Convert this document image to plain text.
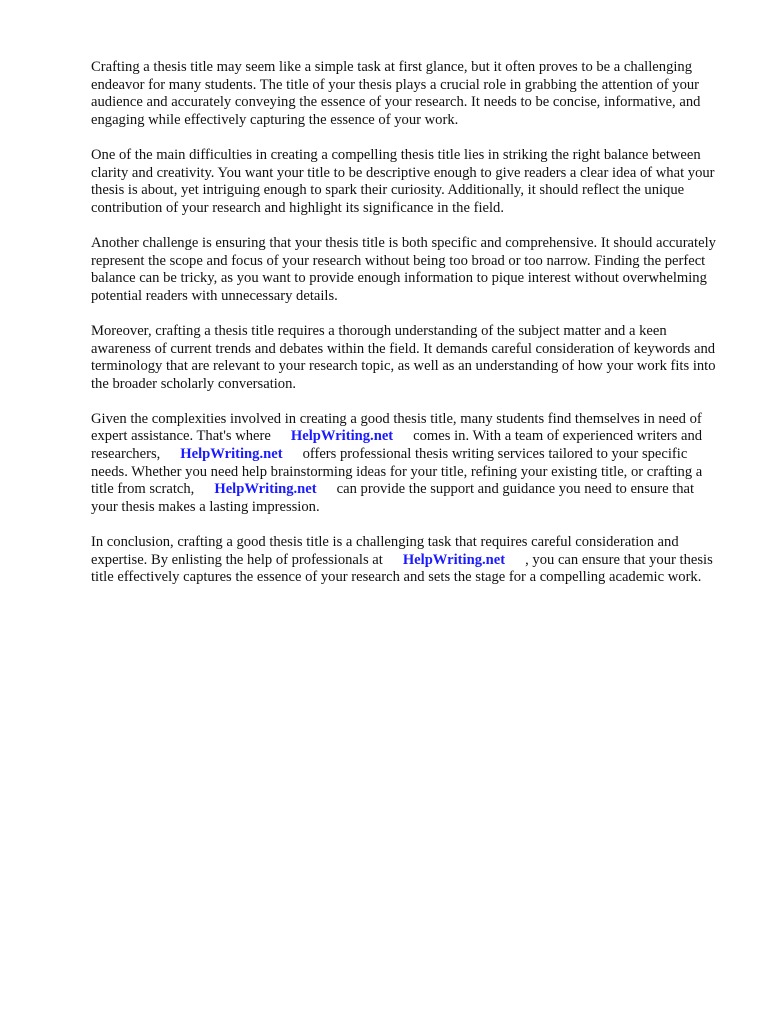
Crafting a thesis title may seem like a simple task at first glance, but it often proves to be a challenging endeavor for many students. The title of your thesis plays a crucial role in grabbing the attention of your audience and accurately conveying the essence of your research. It needs to be concise, informative, and engaging while effectively capturing the essence of your work.

One of the main difficulties in creating a compelling thesis title lies in striking the right balance between clarity and creativity. You want your title to be descriptive enough to give readers a clear idea of what your thesis is about, yet intriguing enough to spark their curiosity. Additionally, it should reflect the unique contribution of your research and highlight its significance in the field.

Another challenge is ensuring that your thesis title is both specific and comprehensive. It should accurately represent the scope and focus of your research without being too broad or too narrow. Finding the perfect balance can be tricky, as you want to provide enough information to pique interest without overwhelming potential readers with unnecessary details.

Moreover, crafting a thesis title requires a thorough understanding of the subject matter and a keen awareness of current trends and debates within the field. It demands careful consideration of keywords and terminology that are relevant to your research topic, as well as an understanding of how your work fits into the broader scholarly conversation.

Given the complexities involved in creating a good thesis title, many students find themselves in need of expert assistance. That's where HelpWriting.net comes in. With a team of experienced writers and researchers, HelpWriting.net offers professional thesis writing services tailored to your specific needs. Whether you need help brainstorming ideas for your title, refining your existing title, or crafting a title from scratch, HelpWriting.net can provide the support and guidance you need to ensure that your thesis makes a lasting impression.

In conclusion, crafting a good thesis title is a challenging task that requires careful consideration and expertise. By enlisting the help of professionals at HelpWriting.net , you can ensure that your thesis title effectively captures the essence of your research and sets the stage for a compelling academic work.
